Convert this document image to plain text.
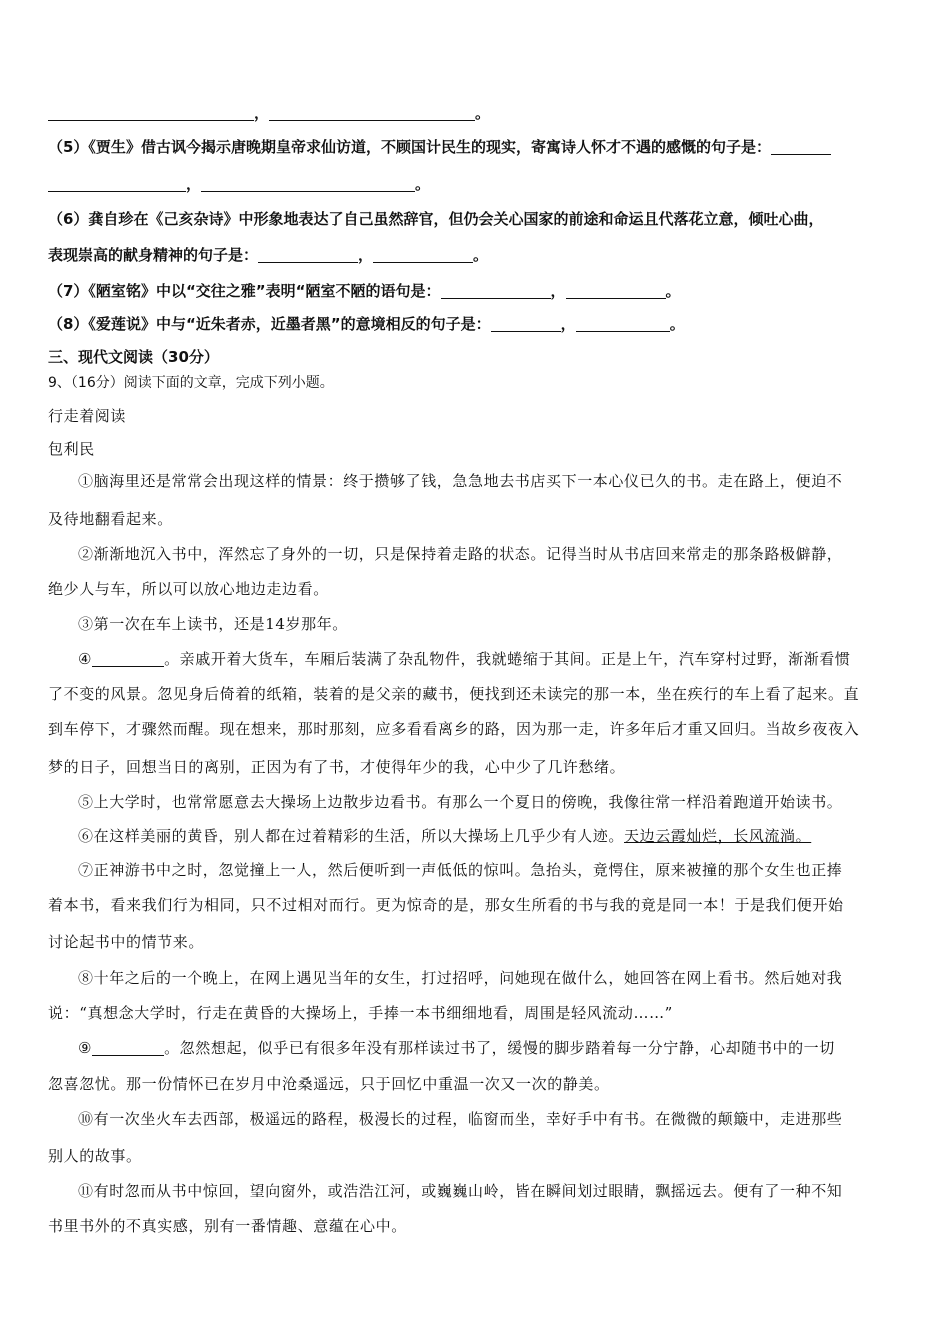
，	。
（5）《贾生》借古讽今揭示唐晚期皇帝求仙访道，不顾国计民生的现实，寄寓诗人怀才不遇的感慨的句子是：
，	。
（6）龚自珍在《己亥杂诗》中形象地表达了自己虽然辞官，但仍会关心国家的前途和命运且代落花立意，倾吐心曲，
表现崇高的献身精神的句子是：	，	。
（7）《陋室铭》中以“交往之雅”表明“陋室不陋的语句是：	，	。
（8）《爱莲说》中与“近朱者赤，近墨者黑”的意境相反的句子是：	，	。
三、现代文阅读（30分）
9、（16分）阅读下面的文章，完成下列小题。
行走着阅读
包利民
①脑海里还是常常会出现这样的情景：终于攒够了钱，急急地去书店买下一本心仪已久的书。走在路上，便迫不
及待地翻看起来。
②渐渐地沉入书中，浑然忘了身外的一切，只是保持着走路的状态。记得当时从书店回来常走的那条路极僻静，
绝少人与车，所以可以放心地边走边看。
③第一次在车上读书，还是14岁那年。
④	。亲戚开着大货车，车厢后装满了杂乱物件，我就蜷缩于其间。正是上午，汽车穿村过野，渐渐看惯
了不变的风景。忽见身后倚着的纸箱，装着的是父亲的藏书，便找到还未读完的那一本，坐在疾行的车上看了起来。直
到车停下，才骤然而醒。现在想来，那时那刻，应多看看离乡的路，因为那一走，许多年后才重又回归。当故乡夜夜入
梦的日子，回想当日的离别，正因为有了书，才使得年少的我，心中少了几许愁绪。
⑤上大学时，也常常愿意去大操场上边散步边看书。有那么一个夏日的傍晚，我像往常一样沿着跑道开始读书。
⑥在这样美丽的黄昏，别人都在过着精彩的生活，所以大操场上几乎少有人迹。天边云霞灿烂，长风流淌。
⑦正神游书中之时，忽觉撞上一人，然后便听到一声低低的惊叫。急抬头，竟愕住，原来被撞的那个女生也正捧
着本书，看来我们行为相同，只不过相对而行。更为惊奇的是，那女生所看的书与我的竟是同一本！于是我们便开始
讨论起书中的情节来。
⑧十年之后的一个晚上，在网上遇见当年的女生，打过招呼，问她现在做什么，她回答在网上看书。然后她对我
说：“真想念大学时，行走在黄昏的大操场上，手捧一本书细细地看，周围是轻风流动……”
⑨	。忽然想起，似乎已有很多年没有那样读过书了，缓慢的脚步踏着每一分宁静，心却随书中的一切
忽喜忽忧。那一份情怀已在岁月中沧桑遥远，只于回忆中重温一次又一次的静美。
⑩有一次坐火车去西部，极遥远的路程，极漫长的过程，临窗而坐，幸好手中有书。在微微的颠簸中，走进那些
别人的故事。
⑪有时忽而从书中惊回，望向窗外，或浩浩江河，或巍巍山岭，皆在瞬间划过眼睛，飘摇远去。便有了一种不知
书里书外的不真实感，别有一番情趣、意蕴在心中。
